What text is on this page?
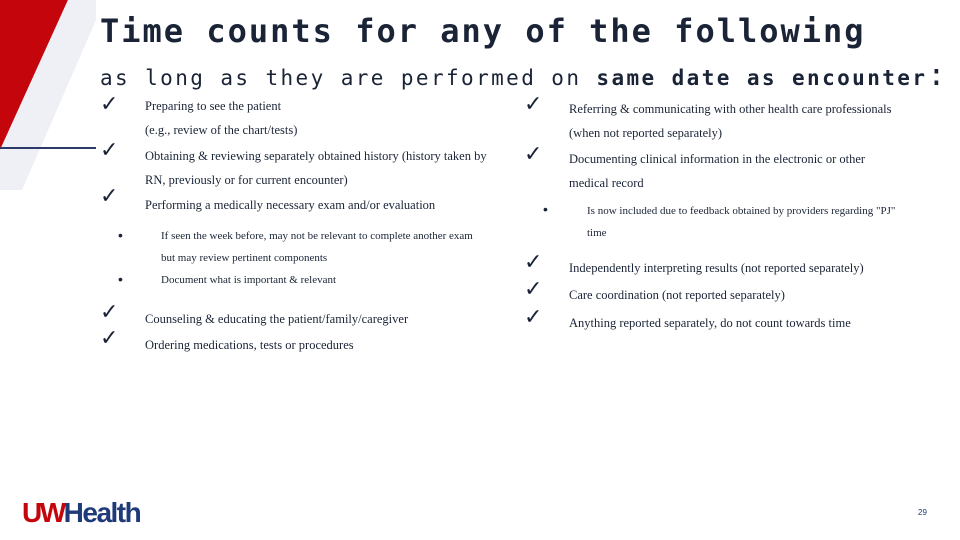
Time counts for any of the following
as long as they are performed on same date as encounter:
✓ Preparing to see the patient
(e.g., review of the chart/tests)
✓ Obtaining & reviewing separately obtained history (history taken by
RN, previously or for current encounter)
✓ Performing a medically necessary exam and/or evaluation
•	If seen the week before, may not be relevant to complete another exam
but may review pertinent components
•	Document what is important & relevant
✓ Counseling & educating the patient/family/caregiver
✓ Ordering medications, tests or procedures
✓ Referring & communicating with other health care professionals
(when not reported separately)
✓ Documenting clinical information in the electronic or other
medical record
•	Is now included due to feedback obtained by providers regarding "PJ"
time
✓ Independently interpreting results (not reported separately)
✓ Care coordination (not reported separately)
✓ Anything reported separately, do not count towards time
UWHealth	29
